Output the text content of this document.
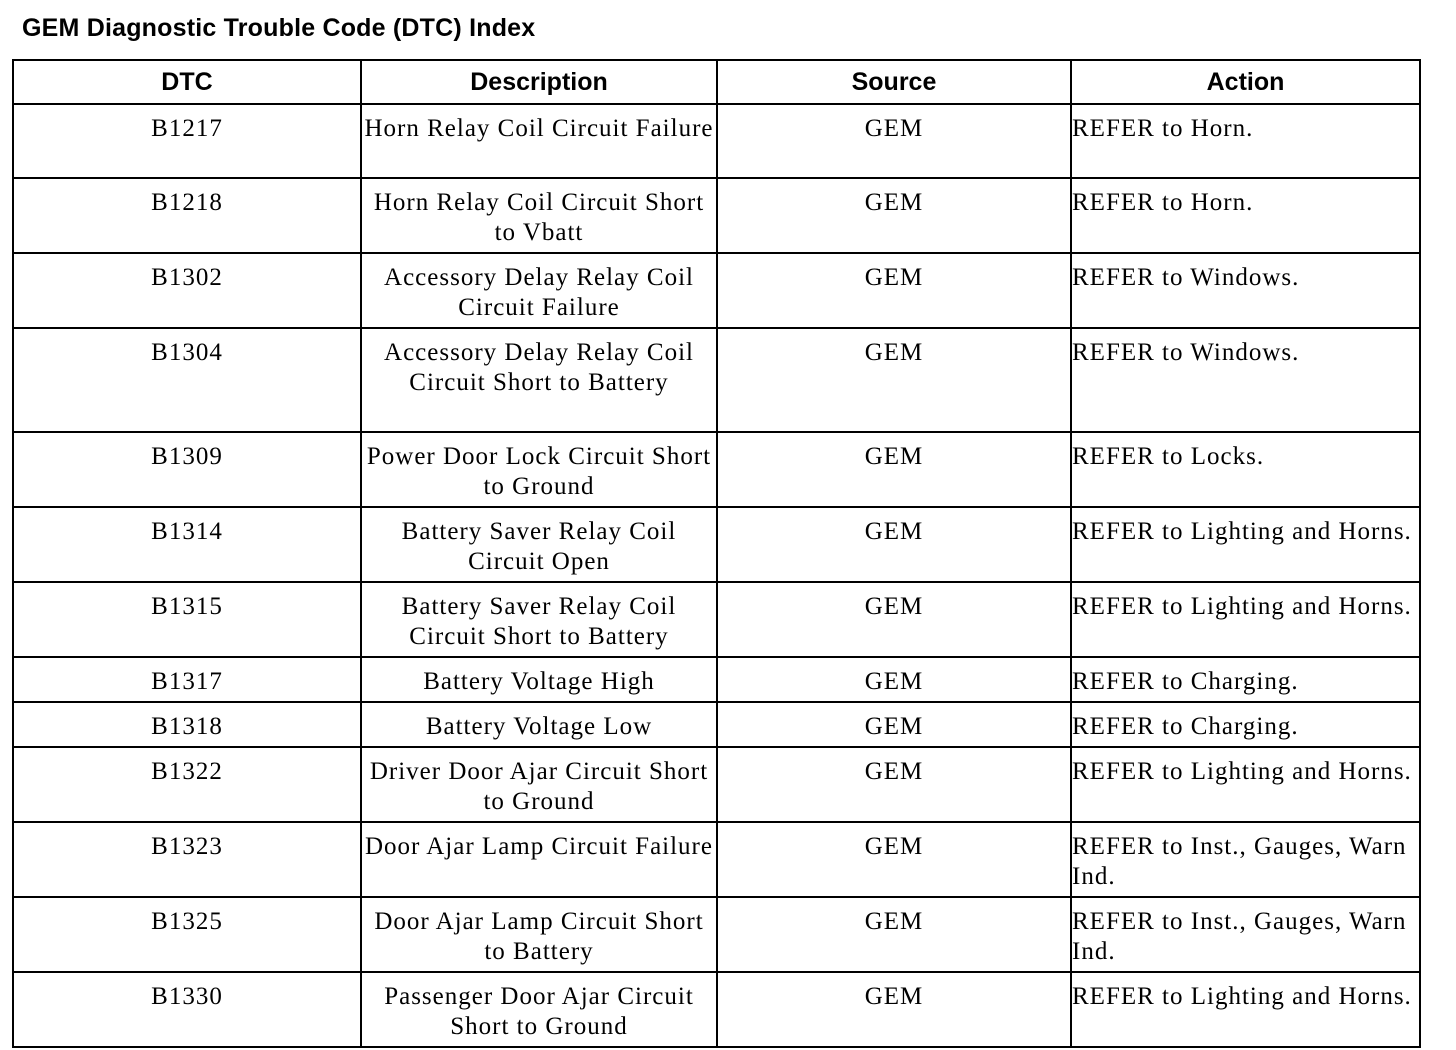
GEM Diagnostic Trouble Code (DTC) Index
DTC	Description	Source	Action
B1217	Horn Relay Coil Circuit Failure	GEM	REFER to Horn.
B1218	Horn Relay Coil Circuit Short to Vbatt	GEM	REFER to Horn.
B1302	Accessory Delay Relay Coil Circuit Failure	GEM	REFER to Windows.
B1304	Accessory Delay Relay Coil Circuit Short to Battery	GEM	REFER to Windows.
B1309	Power Door Lock Circuit Short to Ground	GEM	REFER to Locks.
B1314	Battery Saver Relay Coil Circuit Open	GEM	REFER to Lighting and Horns.
B1315	Battery Saver Relay Coil Circuit Short to Battery	GEM	REFER to Lighting and Horns.
B1317	Battery Voltage High	GEM	REFER to Charging.
B1318	Battery Voltage Low	GEM	REFER to Charging.
B1322	Driver Door Ajar Circuit Short to Ground	GEM	REFER to Lighting and Horns.
B1323	Door Ajar Lamp Circuit Failure	GEM	REFER to Inst., Gauges, Warn Ind.
B1325	Door Ajar Lamp Circuit Short to Battery	GEM	REFER to Inst., Gauges, Warn Ind.
B1330	Passenger Door Ajar Circuit Short to Ground	GEM	REFER to Lighting and Horns.
